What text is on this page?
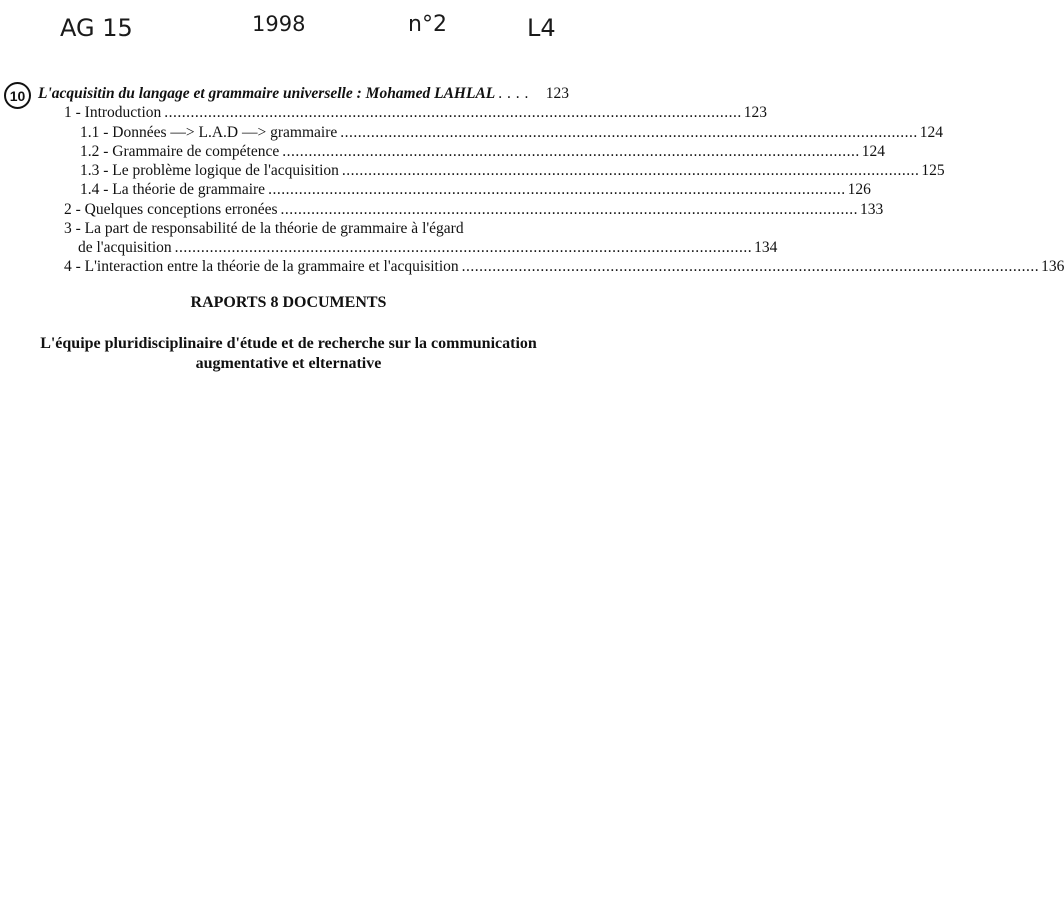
AG 15	1998	n°2	L4
10 L'acquisitin du langage et grammaire universelle : Mohamed LAHLAL . . . .	123
1 - Introduction .................................................................................................................................... 123
1.1 - Données —> L.A.D —> grammaire .................................................................................................................................... 124
1.2 - Grammaire de compétence .................................................................................................................................... 124
1.3 - Le problème logique de l'acquisition .................................................................................................................................... 125
1.4 - La théorie de grammaire .................................................................................................................................... 126
2 - Quelques conceptions erronées .................................................................................................................................... 133
3 - La part de responsabilité de la théorie de grammaire à l'égard
de l'acquisition .................................................................................................................................... 134
4 - L'interaction entre la théorie de la grammaire et l'acquisition .................................................................................................................................... 136
RAPORTS 8 DOCUMENTS
L'équipe pluridisciplinaire d'étude et de recherche sur la communication
augmentative et elternative
